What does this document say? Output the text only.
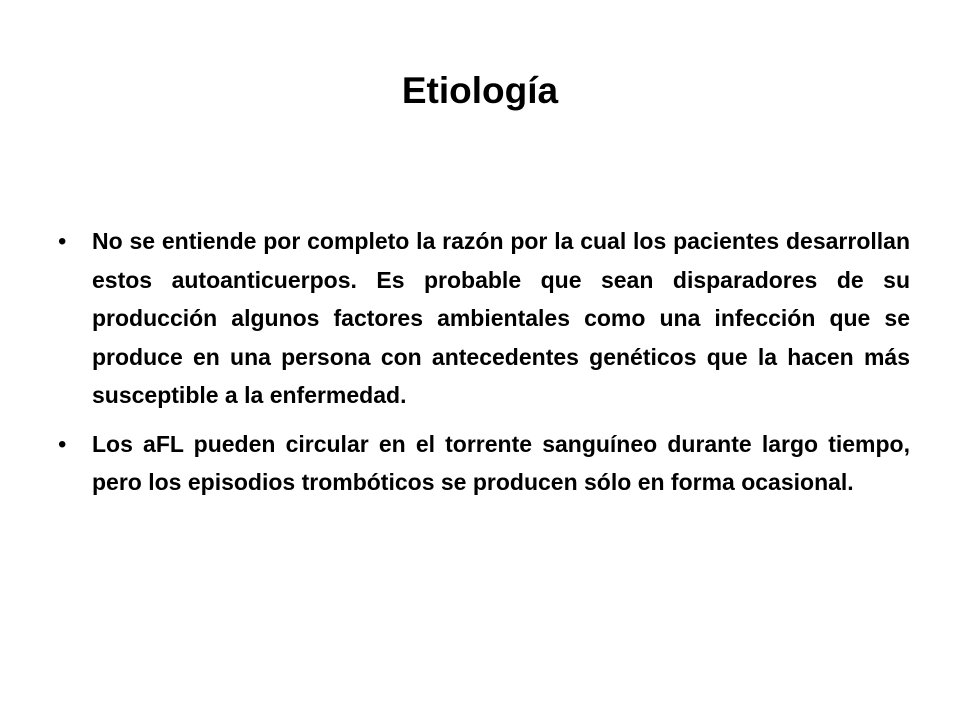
Etiología
• No se entiende por completo la razón por la cual los pacientes desarrollan estos autoanticuerpos. Es probable que sean disparadores de su producción algunos factores ambientales como una infección que se produce en una persona con antecedentes genéticos que la hacen más susceptible a la enfermedad.
• Los aFL pueden circular en el torrente sanguíneo durante largo tiempo, pero los episodios trombóticos se producen sólo en forma ocasional.
